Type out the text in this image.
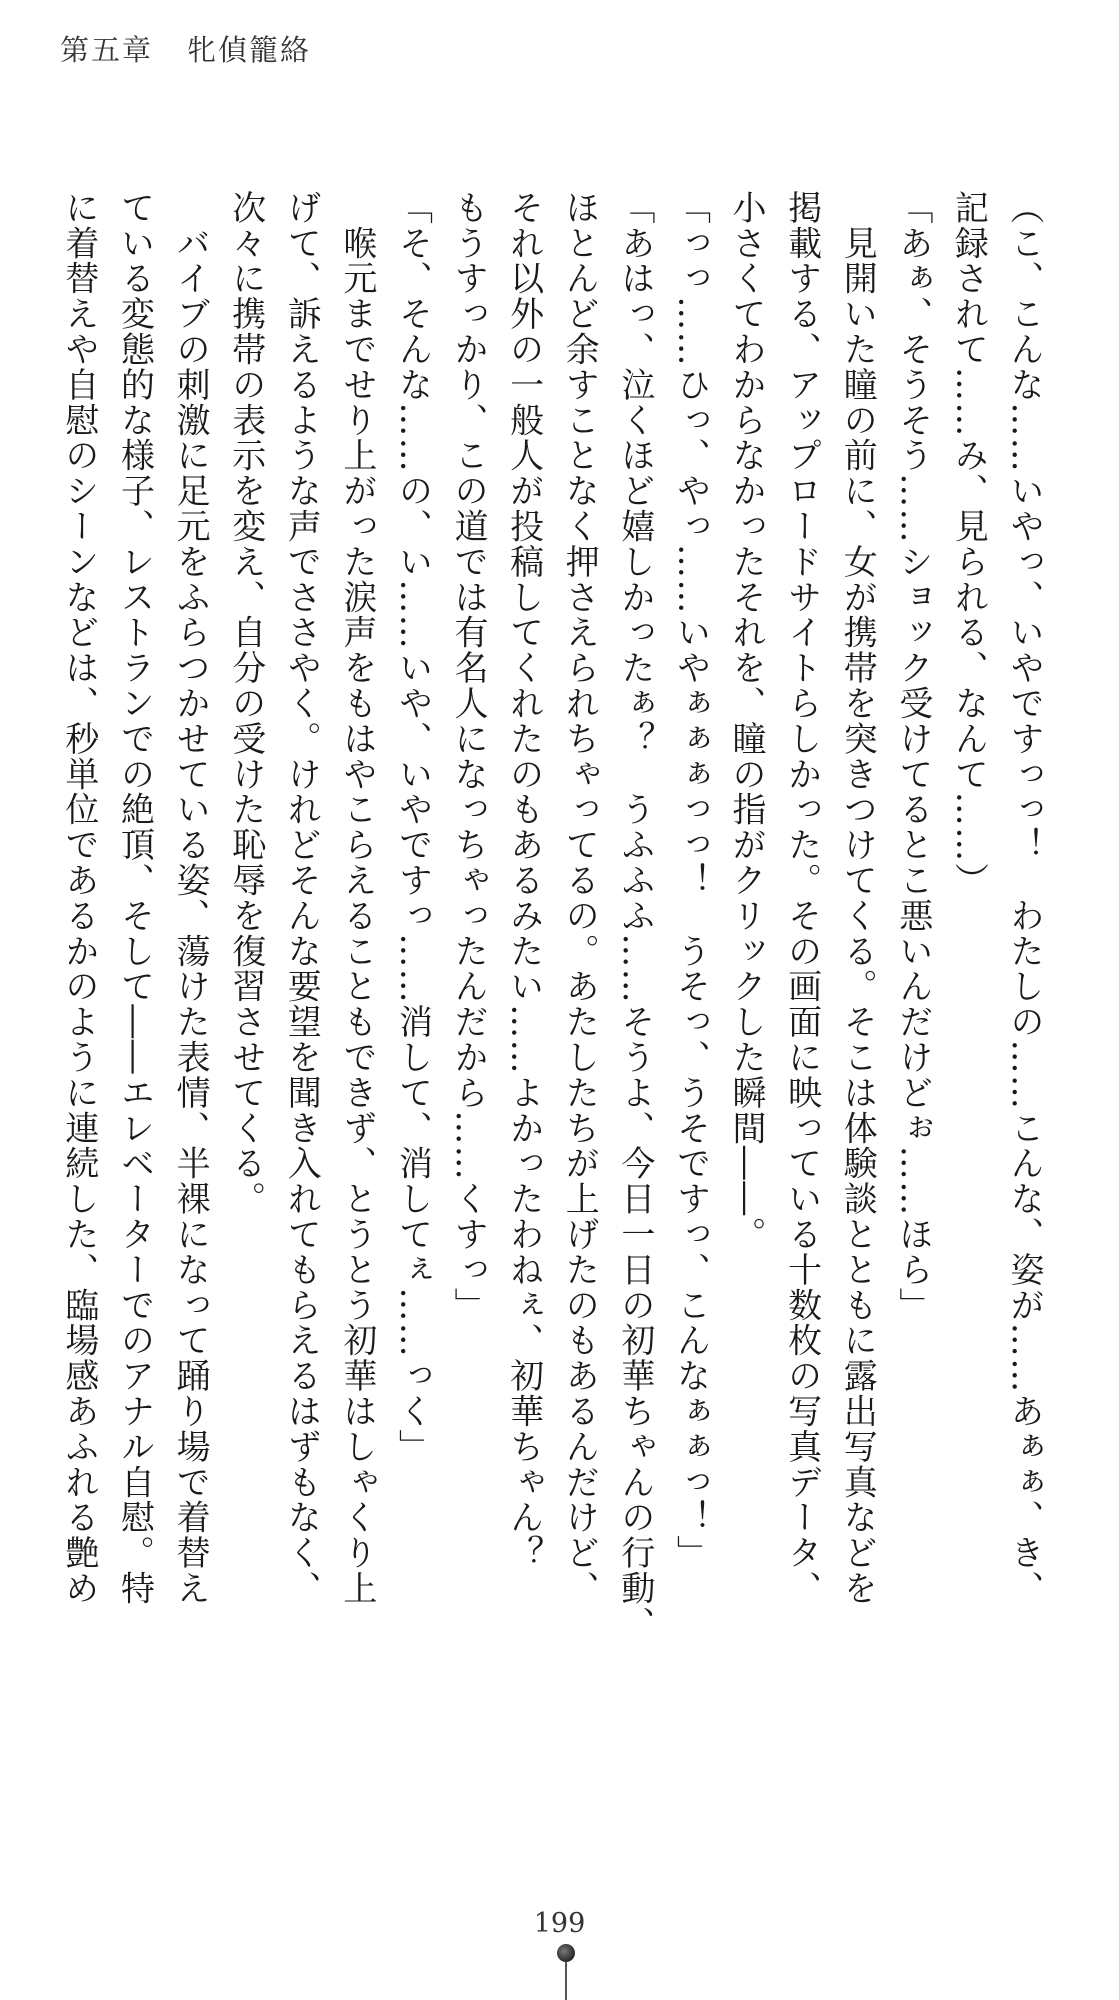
第五章 牝偵籠絡
（こ、こんな……いやっ、いやですっっ！　わたしの……こんな、姿が……あぁぁ、き、
記録されて……み、見られる、なんて……）
「あぁ、そうそう……ショック受けてるとこ悪いんだけどぉ……ほら」
　見開いた瞳の前に、女が携帯を突きつけてくる。そこは体験談とともに露出写真などを
掲載する、アップロードサイトらしかった。その画面に映っている十数枚の写真データ、
小さくてわからなかったそれを、瞳の指がクリックした瞬間――。
「っっ……ひっ、やっ……いやぁぁぁっっ！　うそっ、うそですっ、こんなぁぁっ！」
「あはっ、泣くほど嬉しかったぁ？　うふふふ……そうよ、今日一日の初華ちゃんの行動、
ほとんど余すことなく押さえられちゃってるの。あたしたちが上げたのもあるんだけど、
それ以外の一般人が投稿してくれたのもあるみたい……よかったわねぇ、初華ちゃん？
もうすっかり、この道では有名人になっちゃったんだから……くすっ」
「そ、そんな……の、い……いや、いやですっ……消して、消してぇ……っく」
　喉元までせり上がった涙声をもはやこらえることもできず、とうとう初華はしゃくり上
げて、訴えるような声でささやく。けれどそんな要望を聞き入れてもらえるはずもなく、
次々に携帯の表示を変え、自分の受けた恥辱を復習させてくる。
　バイブの刺激に足元をふらつかせている姿、蕩けた表情、半裸になって踊り場で着替え
ている変態的な様子、レストランでの絶頂、そして――エレベーターでのアナル自慰。特
に着替えや自慰のシーンなどは、秒単位であるかのように連続した、臨場感あふれる艶め
199
